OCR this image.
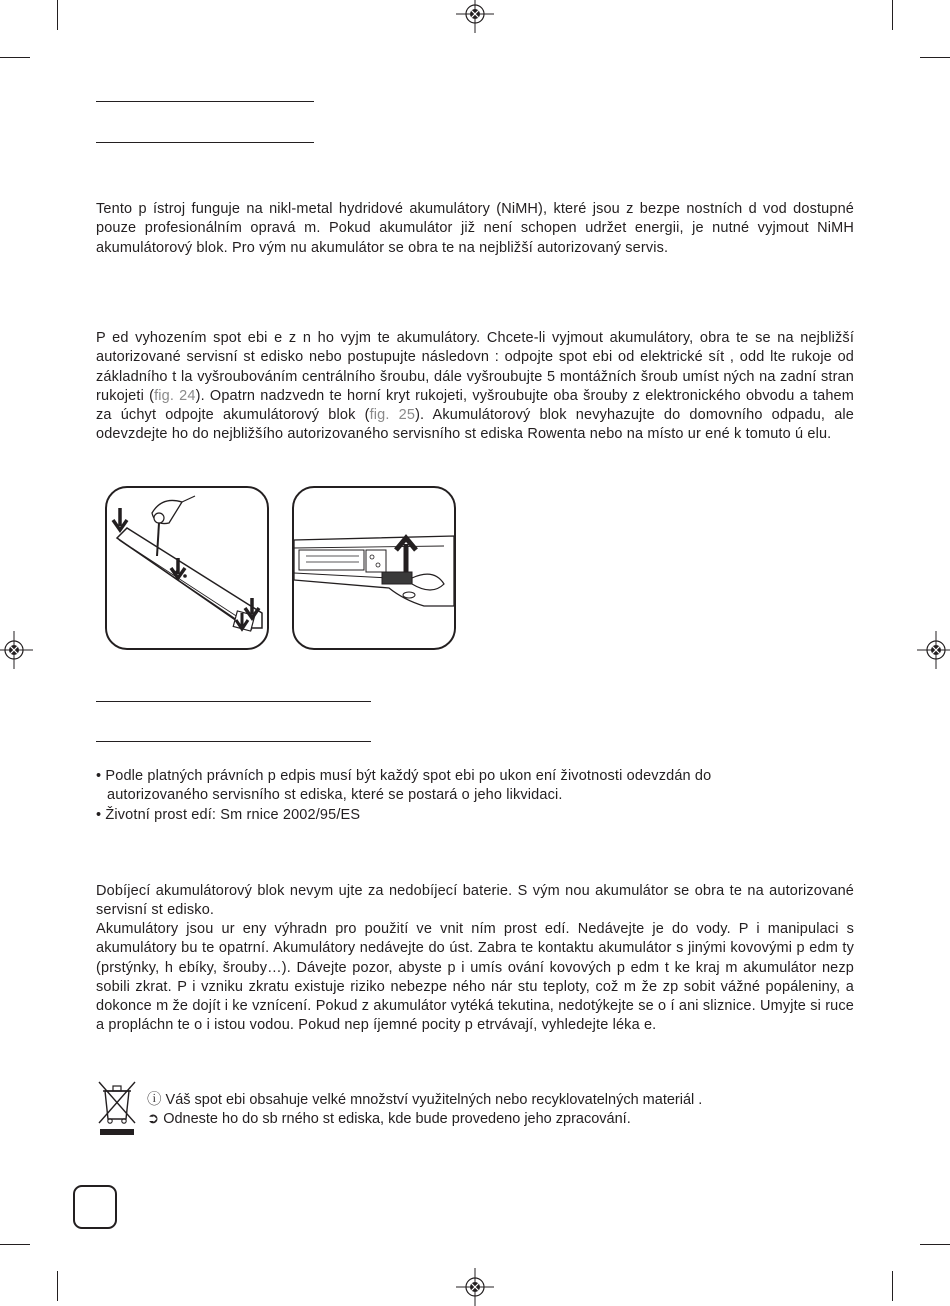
Tento p ístroj funguje na nikl-metal hydridové akumulátory (NiMH), které jsou z bezpe nostních d vod dostupné pouze profesionálním opravá m. Pokud akumulátor již není schopen udržet energii, je nutné vyjmout NiMH akumulátorový blok. Pro vým nu akumulátor se obra te na nejbližší autorizovaný servis.

P ed vyhozením spot ebi e z n ho vyjm te akumulátory. Chcete-li vyjmout akumulátory, obra te se na nejbližší autorizované servisní st edisko nebo postupujte následovn : odpojte spot ebi od elektrické sít , odd lte rukoje od základního t la vyšroubováním centrálního šroubu, dále vyšroubujte 5 montážních šroub umíst ných na zadní stran rukojeti (fig. 24). Opatrn nadzvedn te horní kryt rukojeti, vyšroubujte oba šrouby z elektronického obvodu a tahem za úchyt odpojte akumulátorový blok (fig. 25). Akumulátorový blok nevyhazujte do domovního odpadu, ale odevzdejte ho do nejbližšího autorizovaného servisního st ediska Rowenta nebo na místo ur ené k tomuto ú elu.

• Podle platných právních p edpis musí být každý spot ebi po ukon ení životnosti odevzdán do
autorizovaného servisního st ediska, které se postará o jeho likvidaci.
• Životní prost edí: Sm rnice 2002/95/ES

Dobíjecí akumulátorový blok nevym ujte za nedobíjecí baterie. S vým nou akumulátor se obra te na autorizované servisní st edisko.

Akumulátory jsou ur eny výhradn pro použití ve vnit ním prost edí. Nedávejte je do vody. P i manipulaci s akumulátory bu te opatrní. Akumulátory nedávejte do úst. Zabra te kontaktu akumulátor s jinými kovovými p edm ty (prstýnky, h ebíky, šrouby…). Dávejte pozor, abyste p i umís ování kovových p edm t ke kraj m akumulátor nezp sobili zkrat. P i vzniku zkratu existuje riziko nebezpe ného nár stu teploty, což m že zp sobit vážné popáleniny, a dokonce m že dojít i ke vznícení. Pokud z akumulátor vytéká tekutina, nedotýkejte se o í ani sliznice. Umyjte si ruce a propláchn te o i istou vodou. Pokud nep íjemné pocity p etrvávají, vyhledejte léka e.

ⓘ Váš spot ebi obsahuje velké množství využitelných nebo recyklovatelných materiál .
➲ Odneste ho do sb rného st ediska, kde bude provedeno jeho zpracování.
